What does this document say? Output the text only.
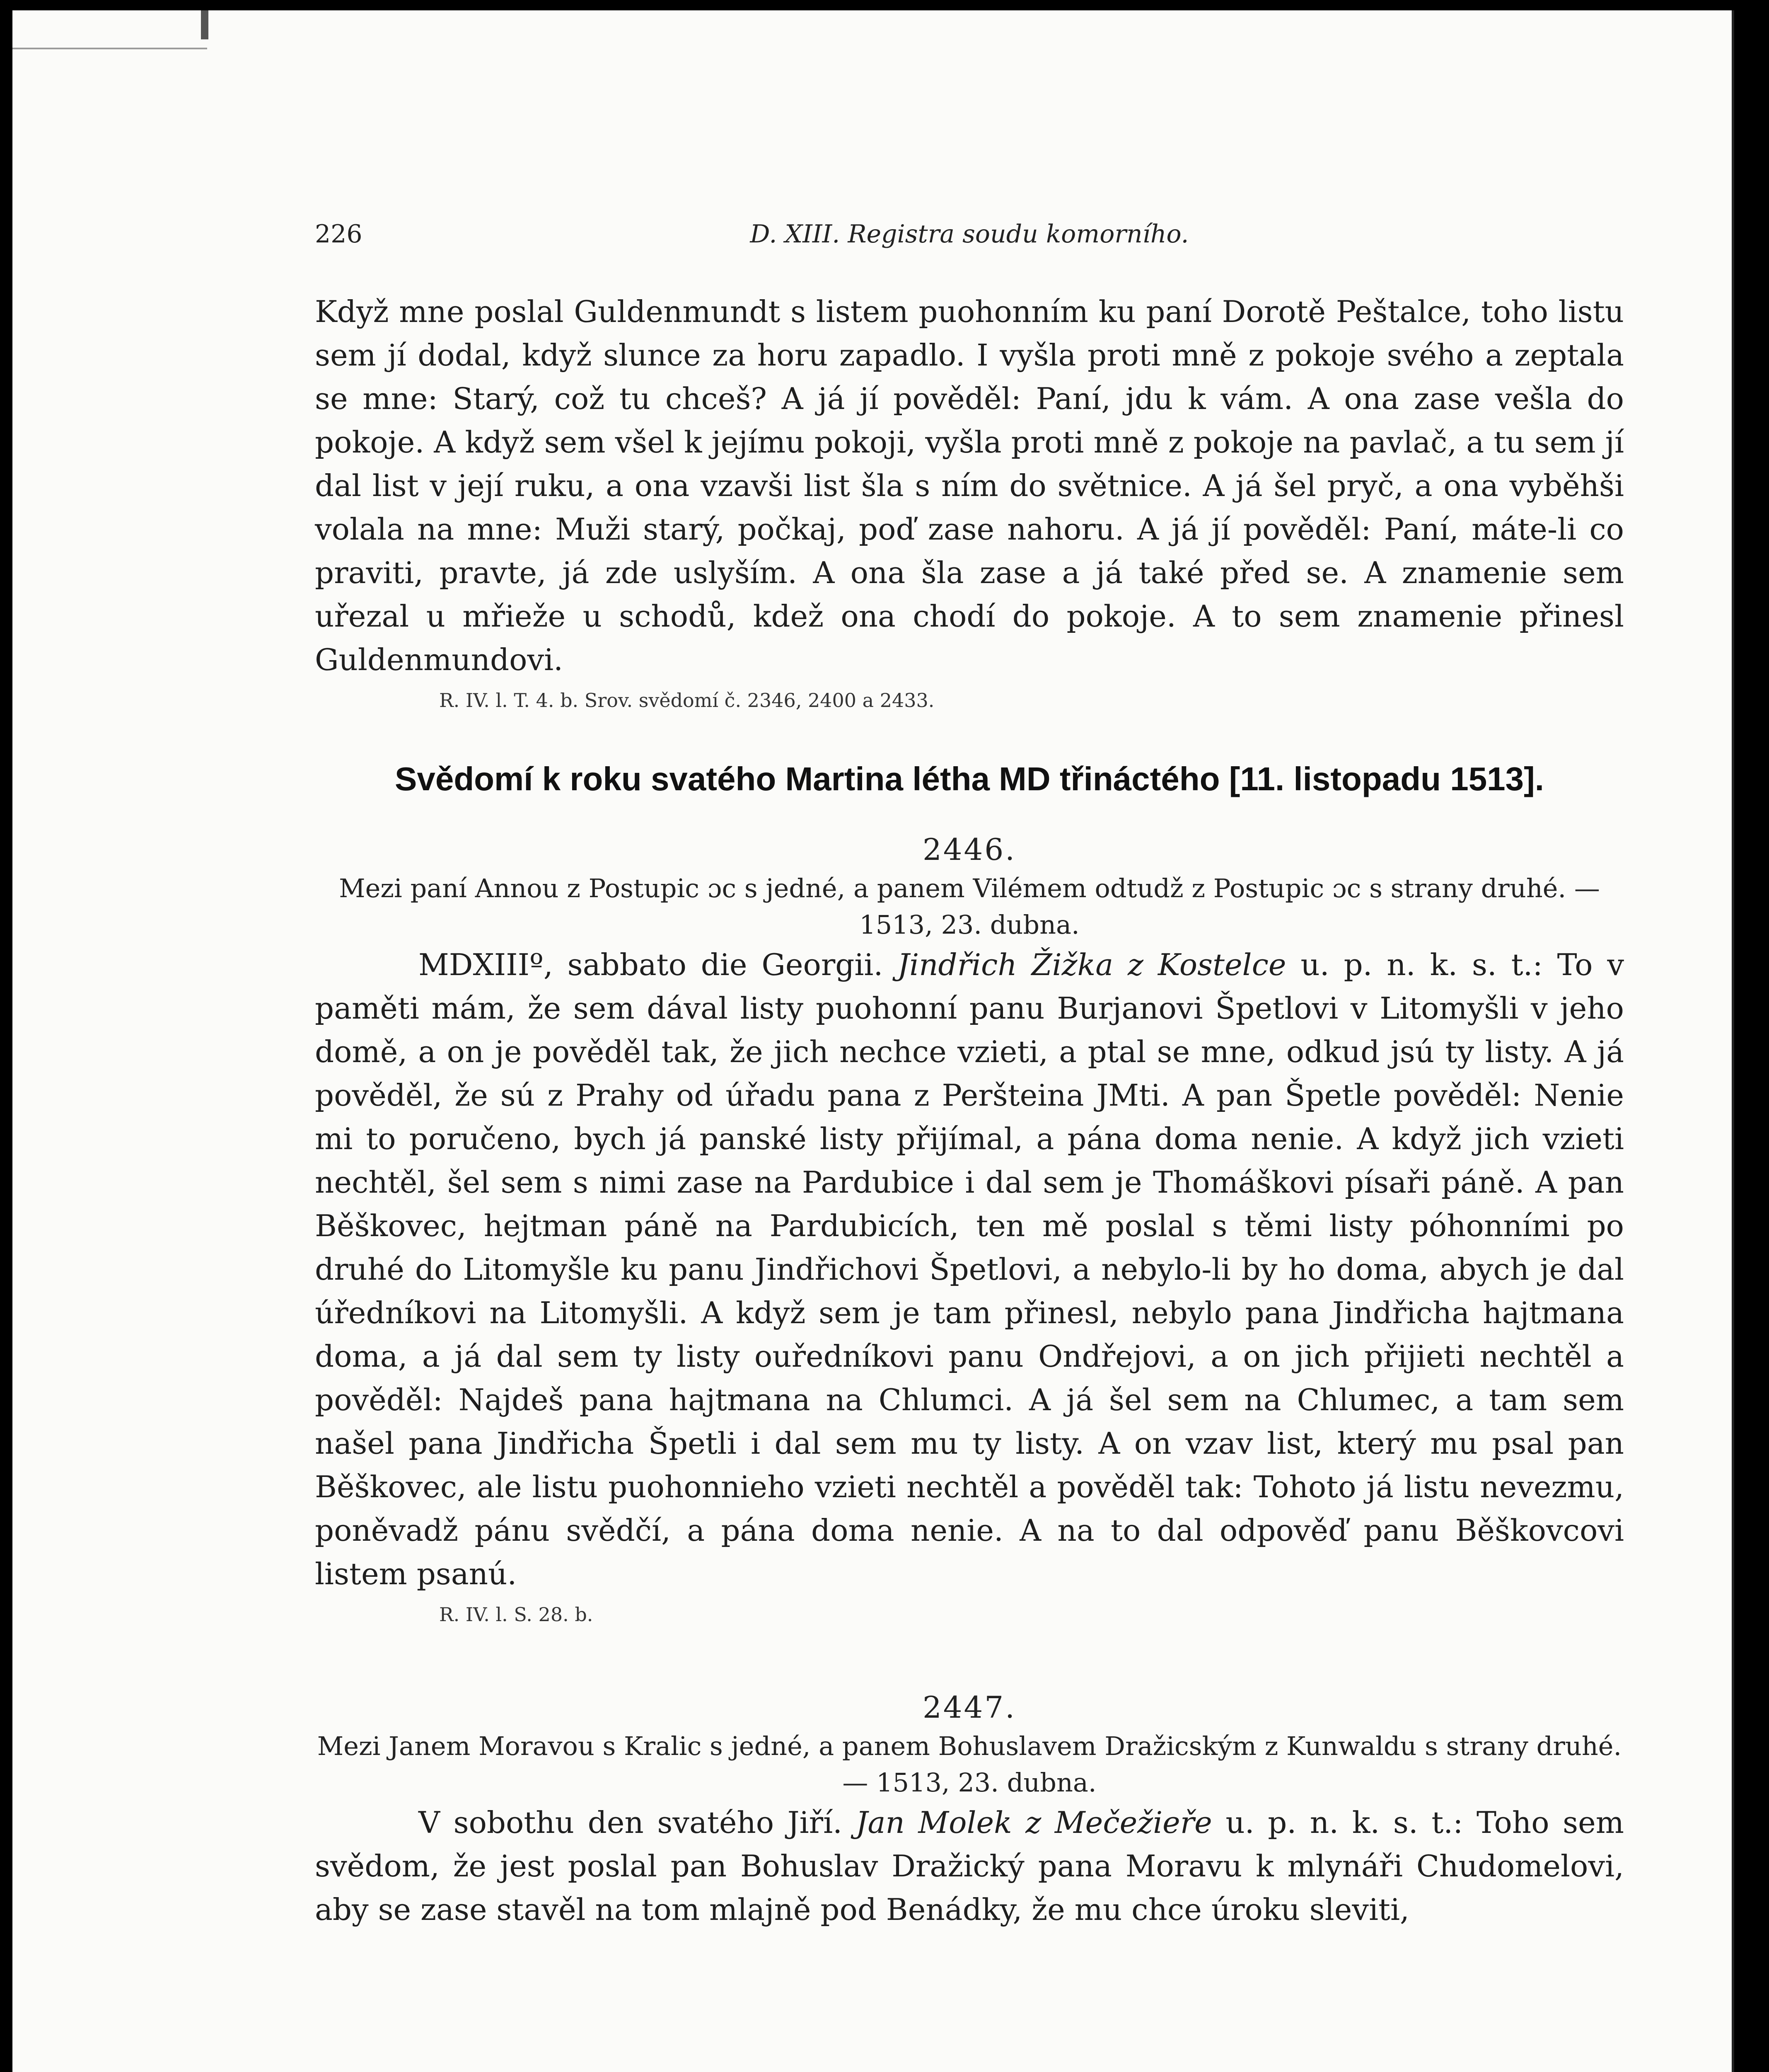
226	D. XIII. Registra soudu komorního.

Když mne poslal Guldenmundt s listem puohonním ku paní Dorotě Peštalce, toho listu sem jí dodal, když slunce za horu zapadlo. I vyšla proti mně z pokoje svého a zeptala se mne: Starý, což tu chceš? A já jí pověděl: Paní, jdu k vám. A ona zase vešla do pokoje. A když sem všel k jejímu pokoji, vyšla proti mně z pokoje na pavlač, a tu sem jí dal list v její ruku, a ona vzavši list šla s ním do světnice. A já šel pryč, a ona vyběhši volala na mne: Muži starý, počkaj, poď zase nahoru. A já jí pověděl: Paní, máte-li co praviti, pravte, já zde uslyším. A ona šla zase a já také před se. A znamenie sem uřezal u mřieže u schodů, kdež ona chodí do pokoje. A to sem znamenie přinesl Guldenmundovi.

R. IV. l. T. 4. b. Srov. svědomí č. 2346, 2400 a 2433.

Svědomí k roku svatého Martina létha MD třináctého [11. listopadu 1513].
2446.

Mezi paní Annou z Postupic ɔc s jedné, a panem Vilémem odtudž z Postupic ɔc s strany druhé. — 1513, 23. dubna.

MDXIIIº, sabbato die Georgii. Jindřich Žižka z Kostelce u. p. n. k. s. t.: To v paměti mám, že sem dával listy puohonní panu Burjanovi Špetlovi v Litomyšli v jeho domě, a on je pověděl tak, že jich nechce vzieti, a ptal se mne, odkud jsú ty listy. A já pověděl, že sú z Prahy od úřadu pana z Peršteina JMti. A pan Špetle pověděl: Nenie mi to poručeno, bych já panské listy přijímal, a pána doma nenie. A když jich vzieti nechtěl, šel sem s nimi zase na Pardubice i dal sem je Thomáškovi písaři páně. A pan Běškovec, hejtman páně na Pardubicích, ten mě poslal s těmi listy póhonními po druhé do Litomyšle ku panu Jindřichovi Špetlovi, a nebylo-li by ho doma, abych je dal úředníkovi na Litomyšli. A když sem je tam přinesl, nebylo pana Jindřicha hajtmana doma, a já dal sem ty listy ouředníkovi panu Ondřejovi, a on jich přijieti nechtěl a pověděl: Najdeš pana hajtmana na Chlumci. A já šel sem na Chlumec, a tam sem našel pana Jindřicha Špetli i dal sem mu ty listy. A on vzav list, který mu psal pan Běškovec, ale listu puohonnieho vzieti nechtěl a pověděl tak: Tohoto já listu nevezmu, poněvadž pánu svědčí, a pána doma nenie. A na to dal odpověď panu Běškovcovi listem psanú.

R. IV. l. S. 28. b.

2447.

Mezi Janem Moravou s Kralic s jedné, a panem Bohuslavem Dražicským z Kunwaldu s strany druhé. — 1513, 23. dubna.

V sobothu den svatého Jiří. Jan Molek z Mečežieře u. p. n. k. s. t.: Toho sem svědom, že jest poslal pan Bohuslav Dražický pana Moravu k mlynáři Chudomelovi, aby se zase stavěl na tom mlajně pod Benádky, že mu chce úroku sleviti,
